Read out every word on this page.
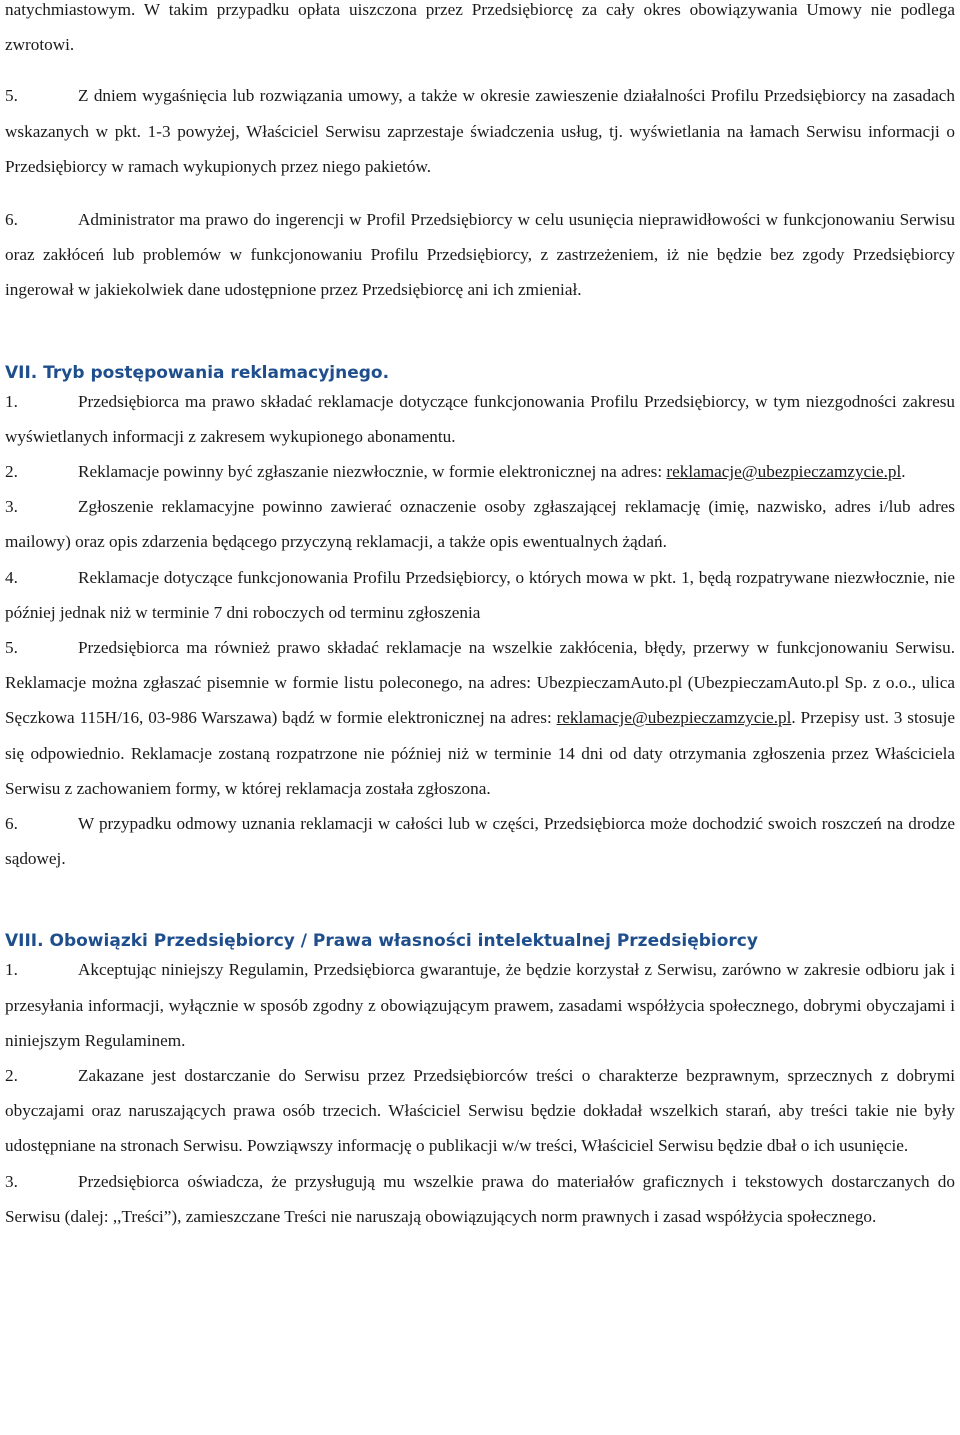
natychmiastowym. W takim przypadku opłata uiszczona przez Przedsiębiorcę za cały okres obowiązywania Umowy nie podlega zwrotowi.

5.	Z dniem wygaśnięcia lub rozwiązania umowy, a także w okresie zawieszenie działalności Profilu Przedsiębiorcy na zasadach wskazanych w pkt. 1-3 powyżej, Właściciel Serwisu zaprzestaje świadczenia usług, tj. wyświetlania na łamach Serwisu informacji o Przedsiębiorcy w ramach wykupionych przez niego pakietów.

6.	Administrator ma prawo do ingerencji w Profil Przedsiębiorcy w celu usunięcia nieprawidłowości w funkcjonowaniu Serwisu oraz zakłóceń lub problemów w funkcjonowaniu Profilu Przedsiębiorcy, z zastrzeżeniem, iż nie będzie bez zgody Przedsiębiorcy ingerował w jakiekolwiek dane udostępnione przez Przedsiębiorcę ani ich zmieniał.

VII. Tryb postępowania reklamacyjnego.

1.	Przedsiębiorca ma prawo składać reklamacje dotyczące funkcjonowania Profilu Przedsiębiorcy, w tym niezgodności zakresu wyświetlanych informacji z zakresem wykupionego abonamentu.

2.	Reklamacje powinny być zgłaszanie niezwłocznie, w formie elektronicznej na adres: reklamacje@ubezpieczamzycie.pl.

3.	Zgłoszenie reklamacyjne powinno zawierać oznaczenie osoby zgłaszającej reklamację (imię, nazwisko, adres i/lub adres mailowy) oraz opis zdarzenia będącego przyczyną reklamacji, a także opis ewentualnych żądań.

4.	Reklamacje dotyczące funkcjonowania Profilu Przedsiębiorcy, o których mowa w pkt. 1, będą rozpatrywane niezwłocznie, nie później jednak niż w terminie 7 dni roboczych od terminu zgłoszenia

5.	Przedsiębiorca ma również prawo składać reklamacje na wszelkie zakłócenia, błędy, przerwy w funkcjonowaniu Serwisu. Reklamacje można zgłaszać pisemnie w formie listu poleconego, na adres: UbezpieczamAuto.pl (UbezpieczamAuto.pl Sp. z o.o., ulica Sęczkowa 115H/16, 03-986 Warszawa) bądź w formie elektronicznej na adres: reklamacje@ubezpieczamzycie.pl. Przepisy ust. 3 stosuje się odpowiednio. Reklamacje zostaną rozpatrzone nie później niż w terminie 14 dni od daty otrzymania zgłoszenia przez Właściciela Serwisu z zachowaniem formy, w której reklamacja została zgłoszona.

6.	W przypadku odmowy uznania reklamacji w całości lub w części, Przedsiębiorca może dochodzić swoich roszczeń na drodze sądowej.

VIII. Obowiązki Przedsiębiorcy / Prawa własności intelektualnej Przedsiębiorcy

1.	Akceptując niniejszy Regulamin, Przedsiębiorca gwarantuje, że będzie korzystał z Serwisu, zarówno w zakresie odbioru jak i przesyłania informacji, wyłącznie w sposób zgodny z obowiązującym prawem, zasadami współżycia społecznego, dobrymi obyczajami i niniejszym Regulaminem.

2.	Zakazane jest dostarczanie do Serwisu przez Przedsiębiorców treści o charakterze bezprawnym, sprzecznych z dobrymi obyczajami oraz naruszających prawa osób trzecich. Właściciel Serwisu będzie dokładał wszelkich starań, aby treści takie nie były udostępniane na stronach Serwisu. Powziąwszy informację o publikacji w/w treści, Właściciel Serwisu będzie dbał o ich usunięcie.

3.	Przedsiębiorca oświadcza, że przysługują mu wszelkie prawa do materiałów graficznych i tekstowych dostarczanych do Serwisu (dalej: ,,Treści”), zamieszczane Treści nie naruszają obowiązujących norm prawnych i zasad współżycia społecznego.
